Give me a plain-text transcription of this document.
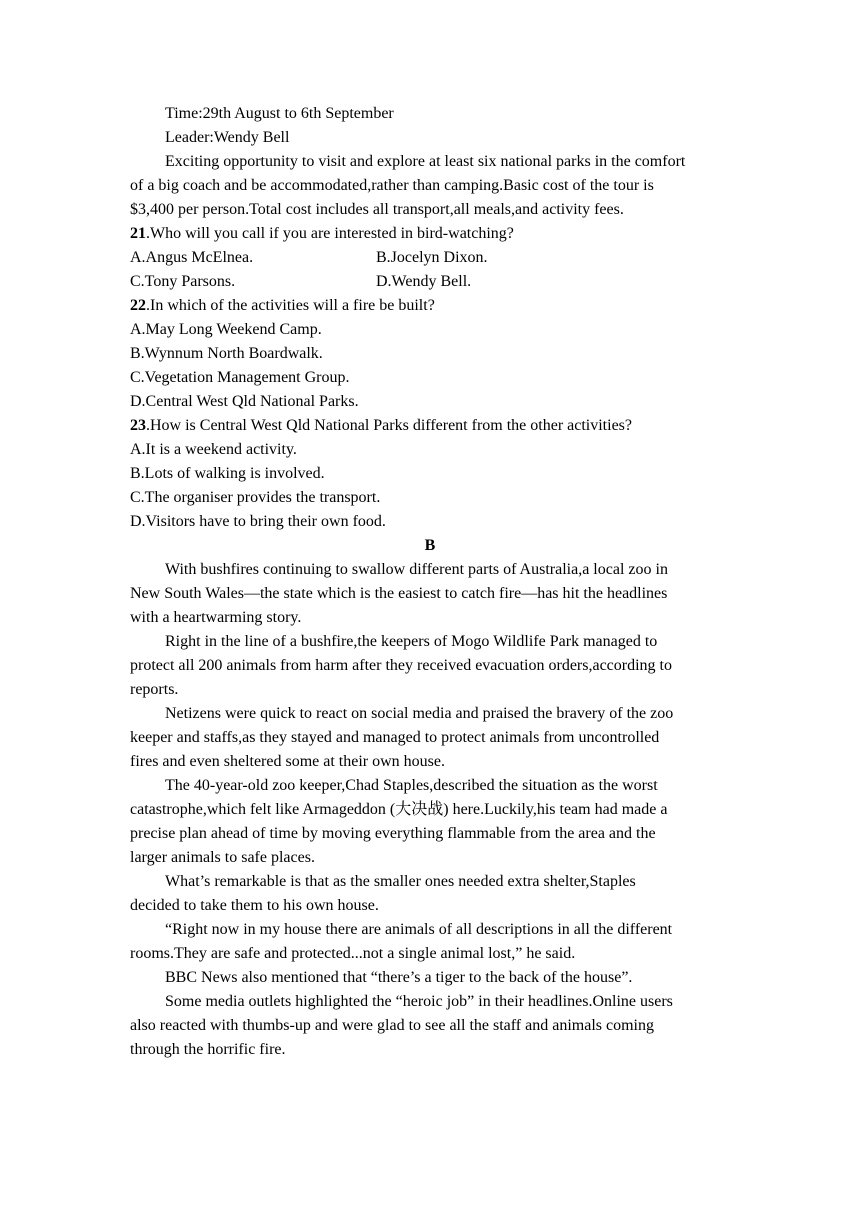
Time:29th August to 6th September

Leader:Wendy Bell

Exciting opportunity to visit and explore at least six national parks in the comfort

of a big coach and be accommodated,rather than camping.Basic cost of the tour is

$3,400 per person.Total cost includes all transport,all meals,and activity fees.

21.Who will you call if you are interested in bird-watching?

A.Angus McElnea.	B.Jocelyn Dixon.
C.Tony Parsons.	D.Wendy Bell.

22.In which of the activities will a fire be built?

A.May Long Weekend Camp.

B.Wynnum North Boardwalk.

C.Vegetation Management Group.

D.Central West Qld National Parks.

23.How is Central West Qld National Parks different from the other activities?

A.It is a weekend activity.

B.Lots of walking is involved.

C.The organiser provides the transport.

D.Visitors have to bring their own food.

B

With bushfires continuing to swallow different parts of Australia,a local zoo in

New South Wales—the state which is the easiest to catch fire—has hit the headlines

with a heartwarming story.

Right in the line of a bushfire,the keepers of Mogo Wildlife Park managed to

protect all 200 animals from harm after they received evacuation orders,according to

reports.

Netizens were quick to react on social media and praised the bravery of the zoo

keeper and staffs,as they stayed and managed to protect animals from uncontrolled

fires and even sheltered some at their own house.

The 40-year-old zoo keeper,Chad Staples,described the situation as the worst

catastrophe,which felt like Armageddon (大决战) here.Luckily,his team had made a

precise plan ahead of time by moving everything flammable from the area and the

larger animals to safe places.

What’s remarkable is that as the smaller ones needed extra shelter,Staples

decided to take them to his own house.

“Right now in my house there are animals of all descriptions in all the different

rooms.They are safe and protected...not a single animal lost,” he said.

BBC News also mentioned that “there’s a tiger to the back of the house”.

Some media outlets highlighted the “heroic job” in their headlines.Online users

also reacted with thumbs-up and were glad to see all the staff and animals coming

through the horrific fire.
